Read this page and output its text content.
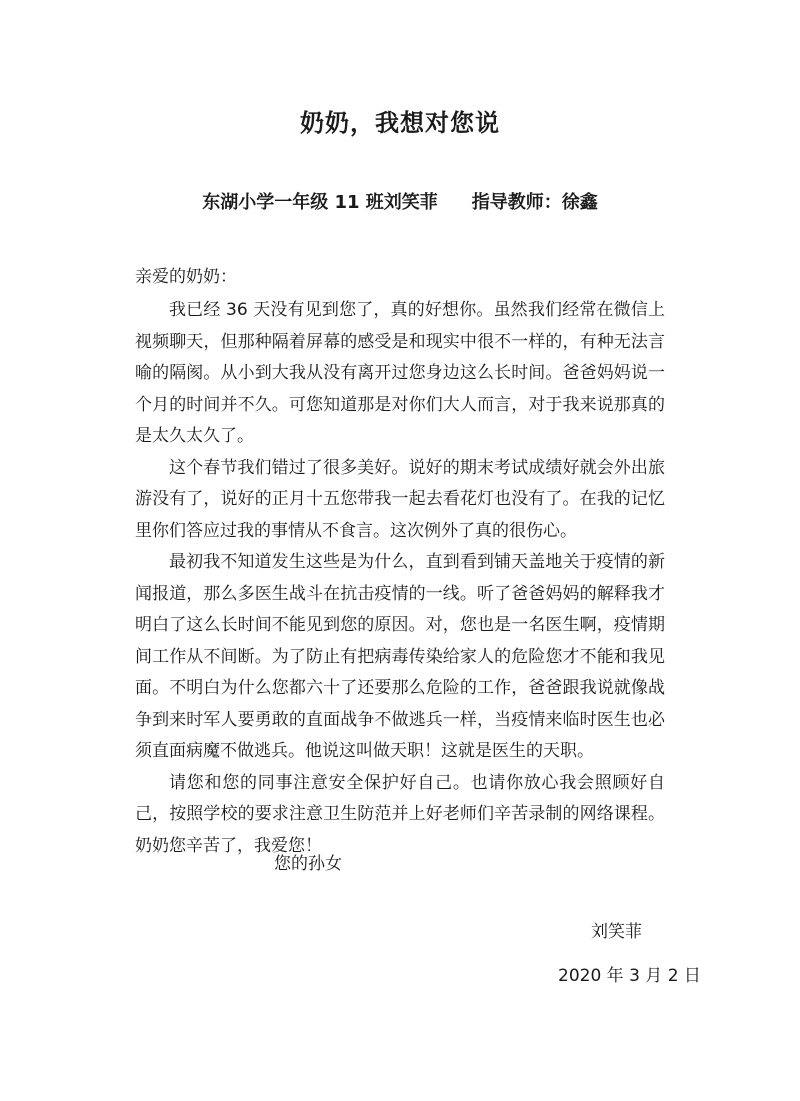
奶奶，我想对您说
东湖小学一年级 11 班刘笑菲 指导教师：徐鑫
亲爱的奶奶：

我已经 36 天没有见到您了，真的好想你。虽然我们经常在微信上视频聊天，但那种隔着屏幕的感受是和现实中很不一样的，有种无法言喻的隔阂。从小到大我从没有离开过您身边这么长时间。爸爸妈妈说一个月的时间并不久。可您知道那是对你们大人而言，对于我来说那真的是太久太久了。

这个春节我们错过了很多美好。说好的期末考试成绩好就会外出旅游没有了，说好的正月十五您带我一起去看花灯也没有了。在我的记忆里你们答应过我的事情从不食言。这次例外了真的很伤心。

最初我不知道发生这些是为什么，直到看到铺天盖地关于疫情的新闻报道，那么多医生战斗在抗击疫情的一线。听了爸爸妈妈的解释我才明白了这么长时间不能见到您的原因。对，您也是一名医生啊，疫情期间工作从不间断。为了防止有把病毒传染给家人的危险您才不能和我见面。不明白为什么您都六十了还要那么危险的工作，爸爸跟我说就像战争到来时军人要勇敢的直面战争不做逃兵一样，当疫情来临时医生也必须直面病魔不做逃兵。他说这叫做天职！这就是医生的天职。

请您和您的同事注意安全保护好自己。也请你放心我会照顾好自己，按照学校的要求注意卫生防范并上好老师们辛苦录制的网络课程。奶奶您辛苦了，我爱您！

您的孙女
刘笑菲
2020 年 3 月 2 日
